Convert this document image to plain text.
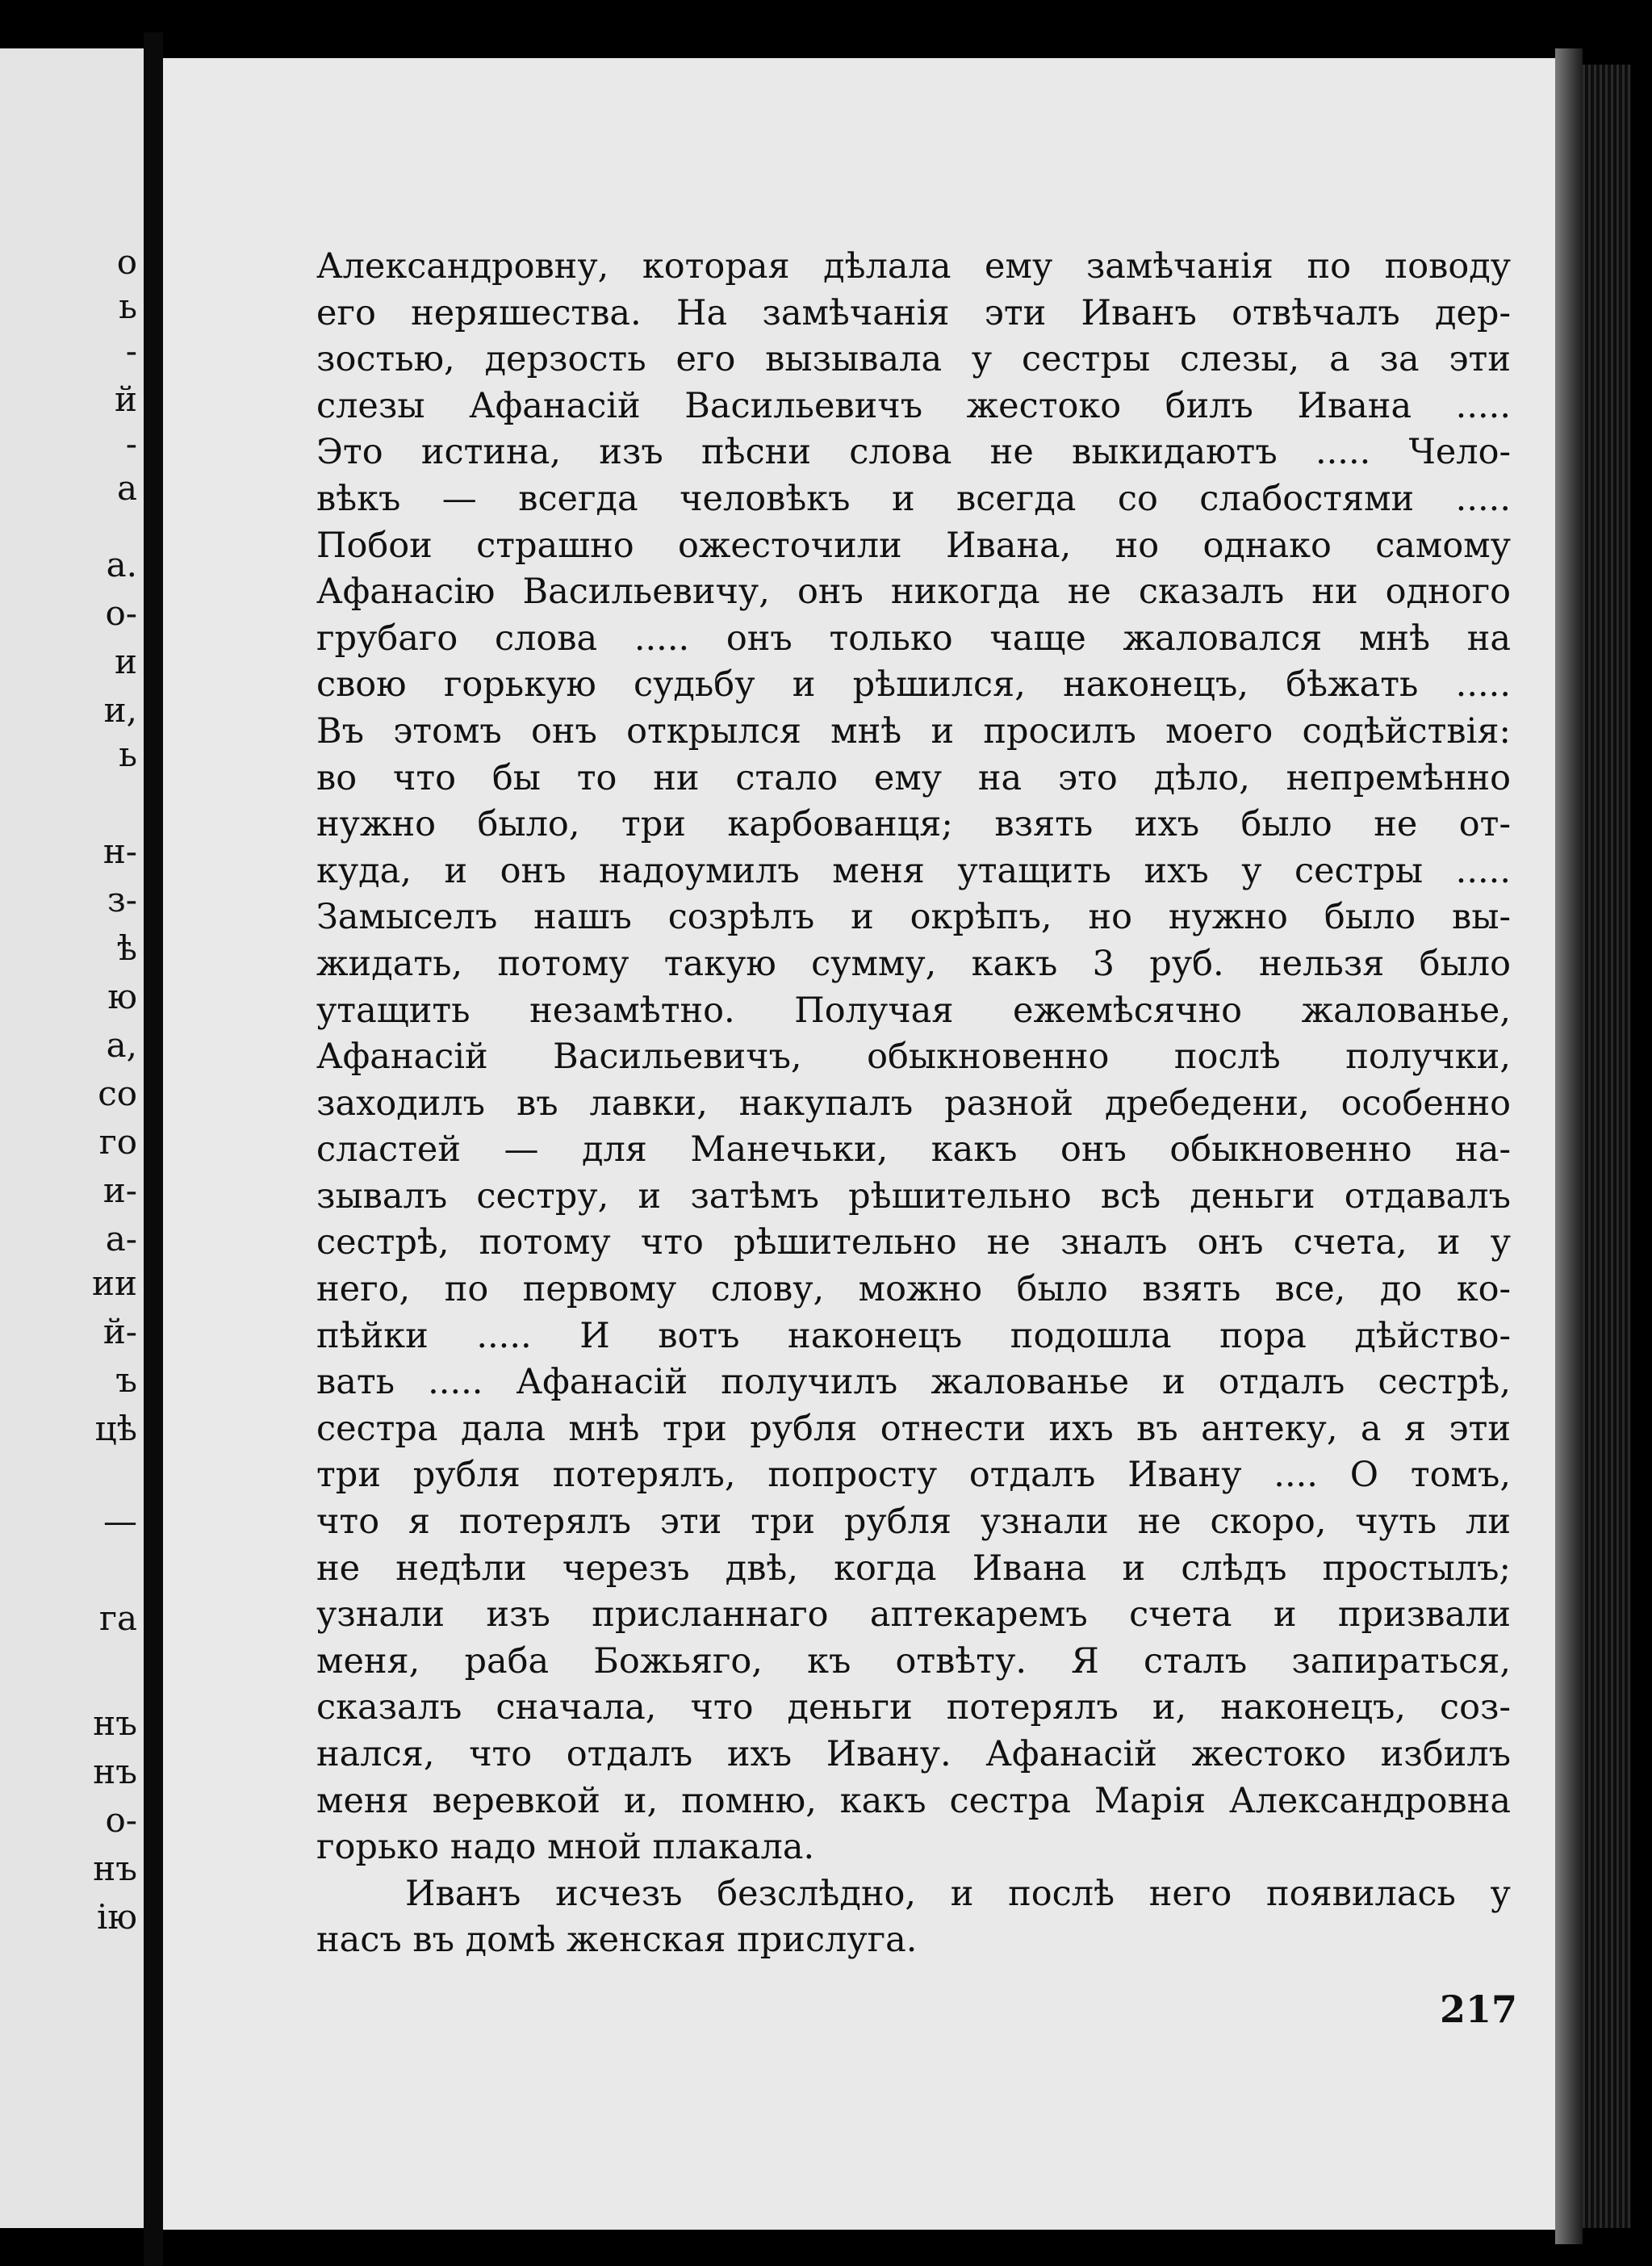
о
ь
-
й
-
а
а.
о-
и
и,
ь
н-
з-
ѣ
ю
а,
со
го
и-
а-
ии
й-
ъ
цѣ
—
га
нъ
нъ
о-
нъ
ію
Александровну, которая дѣлала ему замѣчанія по поводу
его неряшества. На замѣчанія эти Иванъ отвѣчалъ дер-
зостью, дерзость его вызывала у сестры слезы, а за эти
слезы Афанасій Васильевичъ жестоко билъ Ивана .....
Это истина, изъ пѣсни слова не выкидаютъ ..... Чело-
вѣкъ — всегда человѣкъ и всегда со слабостями .....
Побои страшно ожесточили Ивана, но однако самому
Афанасію Васильевичу, онъ никогда не сказалъ ни одного
грубаго слова ..... онъ только чаще жаловался мнѣ на
свою горькую судьбу и рѣшился, наконецъ, бѣжать .....
Въ этомъ онъ открылся мнѣ и просилъ моего содѣйствія:
во что бы то ни стало ему на это дѣло, непремѣнно
нужно было, три карбованця; взять ихъ было не от-
куда, и онъ надоумилъ меня утащить ихъ у сестры .....
Замыселъ нашъ созрѣлъ и окрѣпъ, но нужно было вы-
жидать, потому такую сумму, какъ 3 руб. нельзя было
утащить незамѣтно. Получая ежемѣсячно жалованье,
Афанасій Васильевичъ, обыкновенно послѣ получки,
заходилъ въ лавки, накупалъ разной дребедени, особенно
сластей — для Манечьки, какъ онъ обыкновенно на-
зывалъ сестру, и затѣмъ рѣшительно всѣ деньги отдавалъ
сестрѣ, потому что рѣшительно не зналъ онъ счета, и у
него, по первому слову, можно было взять все, до ко-
пѣйки ..... И вотъ наконецъ подошла пора дѣйство-
вать ..... Афанасій получилъ жалованье и отдалъ сестрѣ,
сестра дала мнѣ три рубля отнести ихъ въ антеку, а я эти
три рубля потерялъ, попросту отдалъ Ивану .... О томъ,
что я потерялъ эти три рубля узнали не скоро, чуть ли
не недѣли черезъ двѣ, когда Ивана и слѣдъ простылъ;
узнали изъ присланнаго аптекаремъ счета и призвали
меня, раба Божьяго, къ отвѣту. Я сталъ запираться,
сказалъ сначала, что деньги потерялъ и, наконецъ, соз-
нался, что отдалъ ихъ Ивану. Афанасій жестоко избилъ
меня веревкой и, помню, какъ сестра Марія Александровна
горько надо мной плакала.
Иванъ исчезъ безслѣдно, и послѣ него появилась у
насъ въ домѣ женская прислуга.
217
